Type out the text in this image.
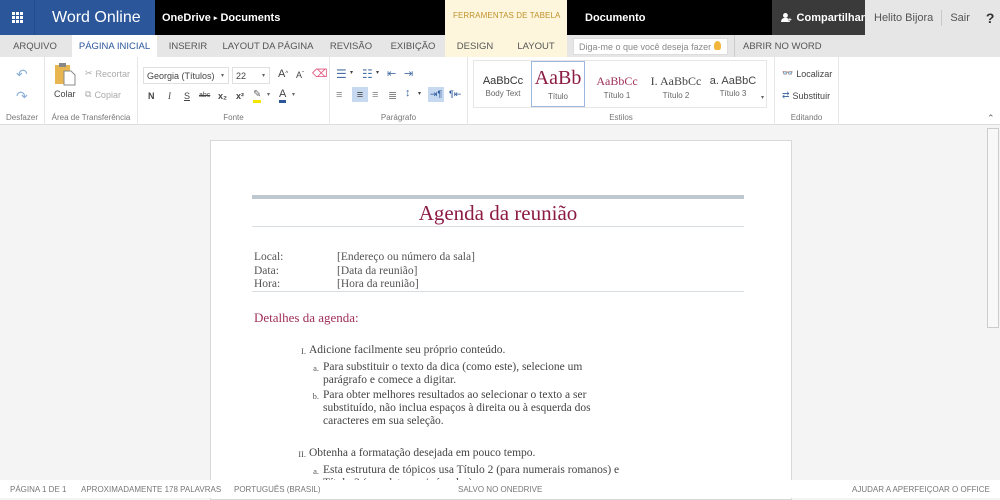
Word Online	OneDrive ▸ Documents	FERRAMENTAS DE TABELA Documento	Compartilhar Helito Bijora Sair ?
ARQUIVO	PÁGINA INICIAL	INSERIR	LAYOUT DA PÁGINA	REVISÃO	EXIBIÇÃO	DESIGN	LAYOUT	Diga-me o que você deseja fazer	ABRIR NO WORD
↶
↷
Desfazer
Colar
✂ Recortar
⧉ Copiar
Área de Transferência	Fonte
Georgia (Títulos) ▾ 22	▾ A ^ A ˇ ⌫
N I S abc x₂ x² ✎ ▾ A ▾
☰ ▾ ☷ ▾ ⇤ ⇥
≡	≡ ≡ ≣ ↕ ▾ ⇥¶ ¶⇤
Parágrafo	Estilos
AaBbCc
Body Text
AaBb
Título
AaBbCc
Título 1
I. AaBbCc
Título 2
a. AaBbC
Título 3	▾
👓 Localizar
⇄ Substituir
Editando	⌃
Agenda da reunião
Local:	[Endereço ou número da sala]
Data:	[Data da reunião]
Hora:	[Hora da reunião]
Detalhes da agenda:
I. Adicione facilmente seu próprio conteúdo.
a. Para substituir o texto da dica (como este), selecione um
parágrafo e comece a digitar.
b. Para obter melhores resultados ao selecionar o texto a ser
substituído, não inclua espaços à direita ou à esquerda dos
caracteres em sua seleção.
II. Obtenha a formatação desejada em pouco tempo.
a. Esta estrutura de tópicos usa Título 2 (para numerais romanos) e
PÁGINA 1 DE 1 APROXIMADAMENTE 178 PALAVRAS PORTUGUÊS (BRASIL)	SALVO NO ONEDRIVE	AJUDAR A APERFEIÇOAR O OFFICE
